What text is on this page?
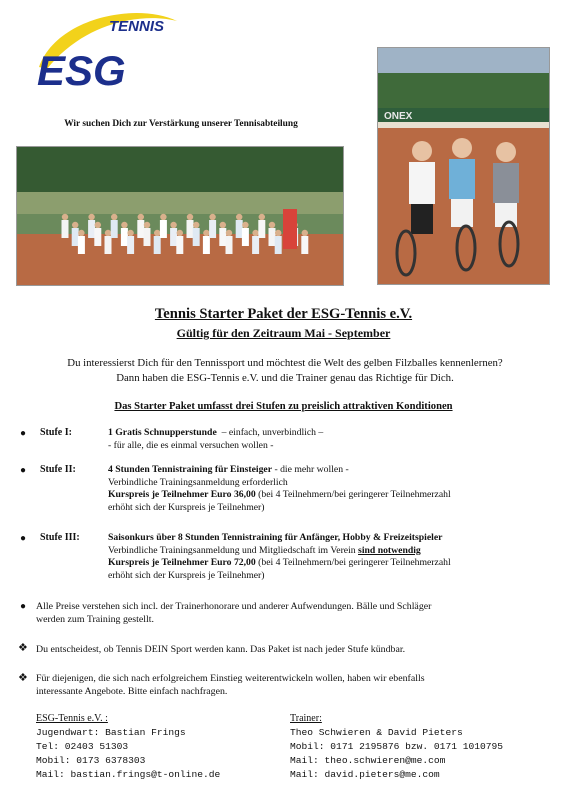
TENNIS
ESG
Wir suchen Dich zur Verstärkung unserer Tennisabteilung
ONEX
Tennis Starter Paket der ESG-Tennis e.V.
Gültig für den Zeitraum Mai - September
Du interessierst Dich für den Tennissport und möchtest die Welt des gelben Filzballes kennenlernen?
Dann haben die ESG-Tennis e.V. und die Trainer genau das Richtige für Dich.
Das Starter Paket umfasst drei Stufen zu preislich attraktiven Konditionen
● Stufe I:	1 Gratis Schnupperstunde  – einfach, unverbindlich –
- für alle, die es einmal versuchen wollen -
● Stufe II:	4 Stunden Tennistraining für Einsteiger - die mehr wollen -
Verbindliche Trainingsanmeldung erforderlich
Kurspreis je Teilnehmer Euro 36,00 (bei 4 Teilnehmern/bei geringerer Teilnehmerzahl
erhöht sich der Kurspreis je Teilnehmer)
● Stufe III:	Saisonkurs über 8 Stunden Tennistraining für Anfänger, Hobby & Freizeitspieler
Verbindliche Trainingsanmeldung und Mitgliedschaft im Verein sind notwendig
Kurspreis je Teilnehmer Euro 72,00 (bei 4 Teilnehmern/bei geringerer Teilnehmerzahl
erhöht sich der Kurspreis je Teilnehmer)
● Alle Preise verstehen sich incl. der Trainerhonorare und anderer Aufwendungen. Bälle und Schläger
werden zum Training gestellt.
❖ Du entscheidest, ob Tennis DEIN Sport werden kann. Das Paket ist nach jeder Stufe kündbar.
❖ Für diejenigen, die sich nach erfolgreichem Einstieg weiterentwickeln wollen, haben wir ebenfalls
interessante Angebote. Bitte einfach nachfragen.
ESG-Tennis e.V. :
Jugendwart: Bastian Frings
Tel: 02403 51303
Mobil: 0173 6378303
Mail: bastian.frings@t-online.de
Trainer:
Theo Schwieren & David Pieters
Mobil: 0171 2195876 bzw. 0171 1010795
Mail: theo.schwieren@me.com
Mail: david.pieters@me.com
